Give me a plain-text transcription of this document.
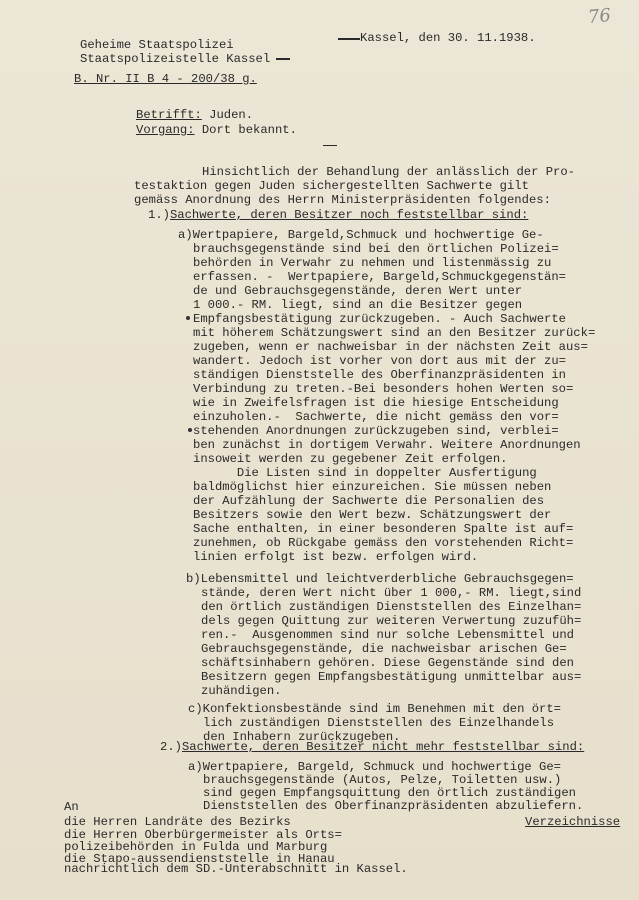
76
Geheime Staatspolizei
Staatspolizeistelle Kassel
Kassel, den 30. 11.1938.
B. Nr. II B 4 - 200/38 g.
Betrifft: Juden.
Vorgang: Dort bekannt.
Hinsichtlich der Behandlung der anlässlich der Pro-
testaktion gegen Juden sichergestellten Sachwerte gilt
gemäss Anordnung des Herrn Ministerpräsidenten folgendes:
1.)Sachwerte, deren Besitzer noch feststellbar sind:
a)Wertpapiere, Bargeld,Schmuck und hochwertige Ge-
brauchsgegenstände sind bei den örtlichen Polizei=
behörden in Verwahr zu nehmen und listenmässig zu
erfassen. -  Wertpapiere, Bargeld,Schmuckgegenstän=
de und Gebrauchsgegenstände, deren Wert unter
1 000.- RM. liegt, sind an die Besitzer gegen
Empfangsbestätigung zurückzugeben. - Auch Sachwerte
mit höherem Schätzungswert sind an den Besitzer zurück=
zugeben, wenn er nachweisbar in der nächsten Zeit aus=
wandert. Jedoch ist vorher von dort aus mit der zu=
ständigen Dienststelle des Oberfinanzpräsidenten in
Verbindung zu treten.-Bei besonders hohen Werten so=
wie in Zweifelsfragen ist die hiesige Entscheidung
einzuholen.-  Sachwerte, die nicht gemäss den vor=
stehenden Anordnungen zurückzugeben sind, verblei=
ben zunächst in dortigem Verwahr. Weitere Anordnungen
insoweit werden zu gegebener Zeit erfolgen.
Die Listen sind in doppelter Ausfertigung
baldmöglichst hier einzureichen. Sie müssen neben
der Aufzählung der Sachwerte die Personalien des
Besitzers sowie den Wert bezw. Schätzungswert der
Sache enthalten, in einer besonderen Spalte ist auf=
zunehmen, ob Rückgabe gemäss den vorstehenden Richt=
linien erfolgt ist bezw. erfolgen wird.
b)Lebensmittel und leichtverderbliche Gebrauchsgegen=
stände, deren Wert nicht über 1 000,- RM. liegt,sind
den örtlich zuständigen Dienststellen des Einzelhan=
dels gegen Quittung zur weiteren Verwertung zuzufüh=
ren.-  Ausgenommen sind nur solche Lebensmittel und
Gebrauchsgegenstände, die nachweisbar arischen Ge=
schäftsinhabern gehören. Diese Gegenstände sind den
Besitzern gegen Empfangsbestätigung unmittelbar aus=
zuhändigen.
An
die Herren Landräte des Bezirks
die Herren Oberbürgermeister als Orts=
polizeibehörden in Fulda und Marburg
die Stapo-aussendienststelle in Hanau
nachrichtlich dem SD.-Unterabschnitt in Kassel.
Verzeichnisse
c)Konfektionsbestände sind im Benehmen mit den ört=
lich zuständigen Dienststellen des Einzelhandels
den Inhabern zurückzugeben.
2.)Sachwerte, deren Besitzer nicht mehr feststellbar sind:
a)Wertpapiere, Bargeld, Schmuck und hochwertige Ge=
brauchsgegenstände (Autos, Pelze, Toiletten usw.)
sind gegen Empfangsquittung den örtlich zuständigen
Dienststellen des Oberfinanzpräsidenten abzuliefern.
